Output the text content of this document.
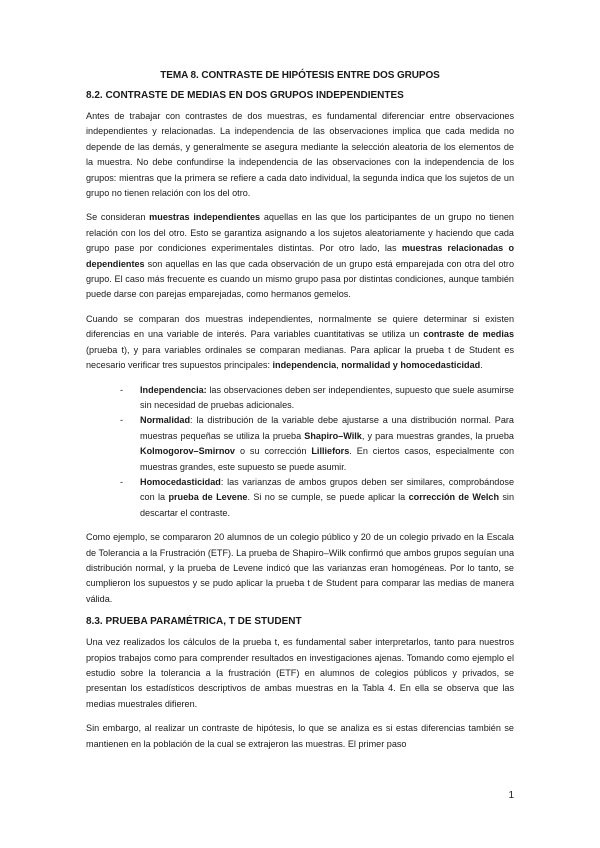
TEMA 8. CONTRASTE DE HIPÓTESIS ENTRE DOS GRUPOS
8.2. CONTRASTE DE MEDIAS EN DOS GRUPOS INDEPENDIENTES

Antes de trabajar con contrastes de dos muestras, es fundamental diferenciar entre observaciones independientes y relacionadas. La independencia de las observaciones implica que cada medida no depende de las demás, y generalmente se asegura mediante la selección aleatoria de los elementos de la muestra. No debe confundirse la independencia de las observaciones con la independencia de los grupos: mientras que la primera se refiere a cada dato individual, la segunda indica que los sujetos de un grupo no tienen relación con los del otro.

Se consideran muestras independientes aquellas en las que los participantes de un grupo no tienen relación con los del otro. Esto se garantiza asignando a los sujetos aleatoriamente y haciendo que cada grupo pase por condiciones experimentales distintas. Por otro lado, las muestras relacionadas o dependientes son aquellas en las que cada observación de un grupo está emparejada con otra del otro grupo. El caso más frecuente es cuando un mismo grupo pasa por distintas condiciones, aunque también puede darse con parejas emparejadas, como hermanos gemelos.

Cuando se comparan dos muestras independientes, normalmente se quiere determinar si existen diferencias en una variable de interés. Para variables cuantitativas se utiliza un contraste de medias (prueba t), y para variables ordinales se comparan medianas. Para aplicar la prueba t de Student es necesario verificar tres supuestos principales: independencia, normalidad y homocedasticidad.

- Independencia: las observaciones deben ser independientes, supuesto que suele asumirse sin necesidad de pruebas adicionales.
- Normalidad: la distribución de la variable debe ajustarse a una distribución normal. Para muestras pequeñas se utiliza la prueba Shapiro–Wilk, y para muestras grandes, la prueba Kolmogorov–Smirnov o su corrección Lilliefors. En ciertos casos, especialmente con muestras grandes, este supuesto se puede asumir.
- Homocedasticidad: las varianzas de ambos grupos deben ser similares, comprobándose con la prueba de Levene. Si no se cumple, se puede aplicar la corrección de Welch sin descartar el contraste.

Como ejemplo, se compararon 20 alumnos de un colegio público y 20 de un colegio privado en la Escala de Tolerancia a la Frustración (ETF). La prueba de Shapiro–Wilk confirmó que ambos grupos seguían una distribución normal, y la prueba de Levene indicó que las varianzas eran homogéneas. Por lo tanto, se cumplieron los supuestos y se pudo aplicar la prueba t de Student para comparar las medias de manera válida.

8.3. PRUEBA PARAMÉTRICA, T DE STUDENT

Una vez realizados los cálculos de la prueba t, es fundamental saber interpretarlos, tanto para nuestros propios trabajos como para comprender resultados en investigaciones ajenas. Tomando como ejemplo el estudio sobre la tolerancia a la frustración (ETF) en alumnos de colegios públicos y privados, se presentan los estadísticos descriptivos de ambas muestras en la Tabla 4. En ella se observa que las medias muestrales difieren.

Sin embargo, al realizar un contraste de hipótesis, lo que se analiza es si estas diferencias también se mantienen en la población de la cual se extrajeron las muestras. El primer paso

1
